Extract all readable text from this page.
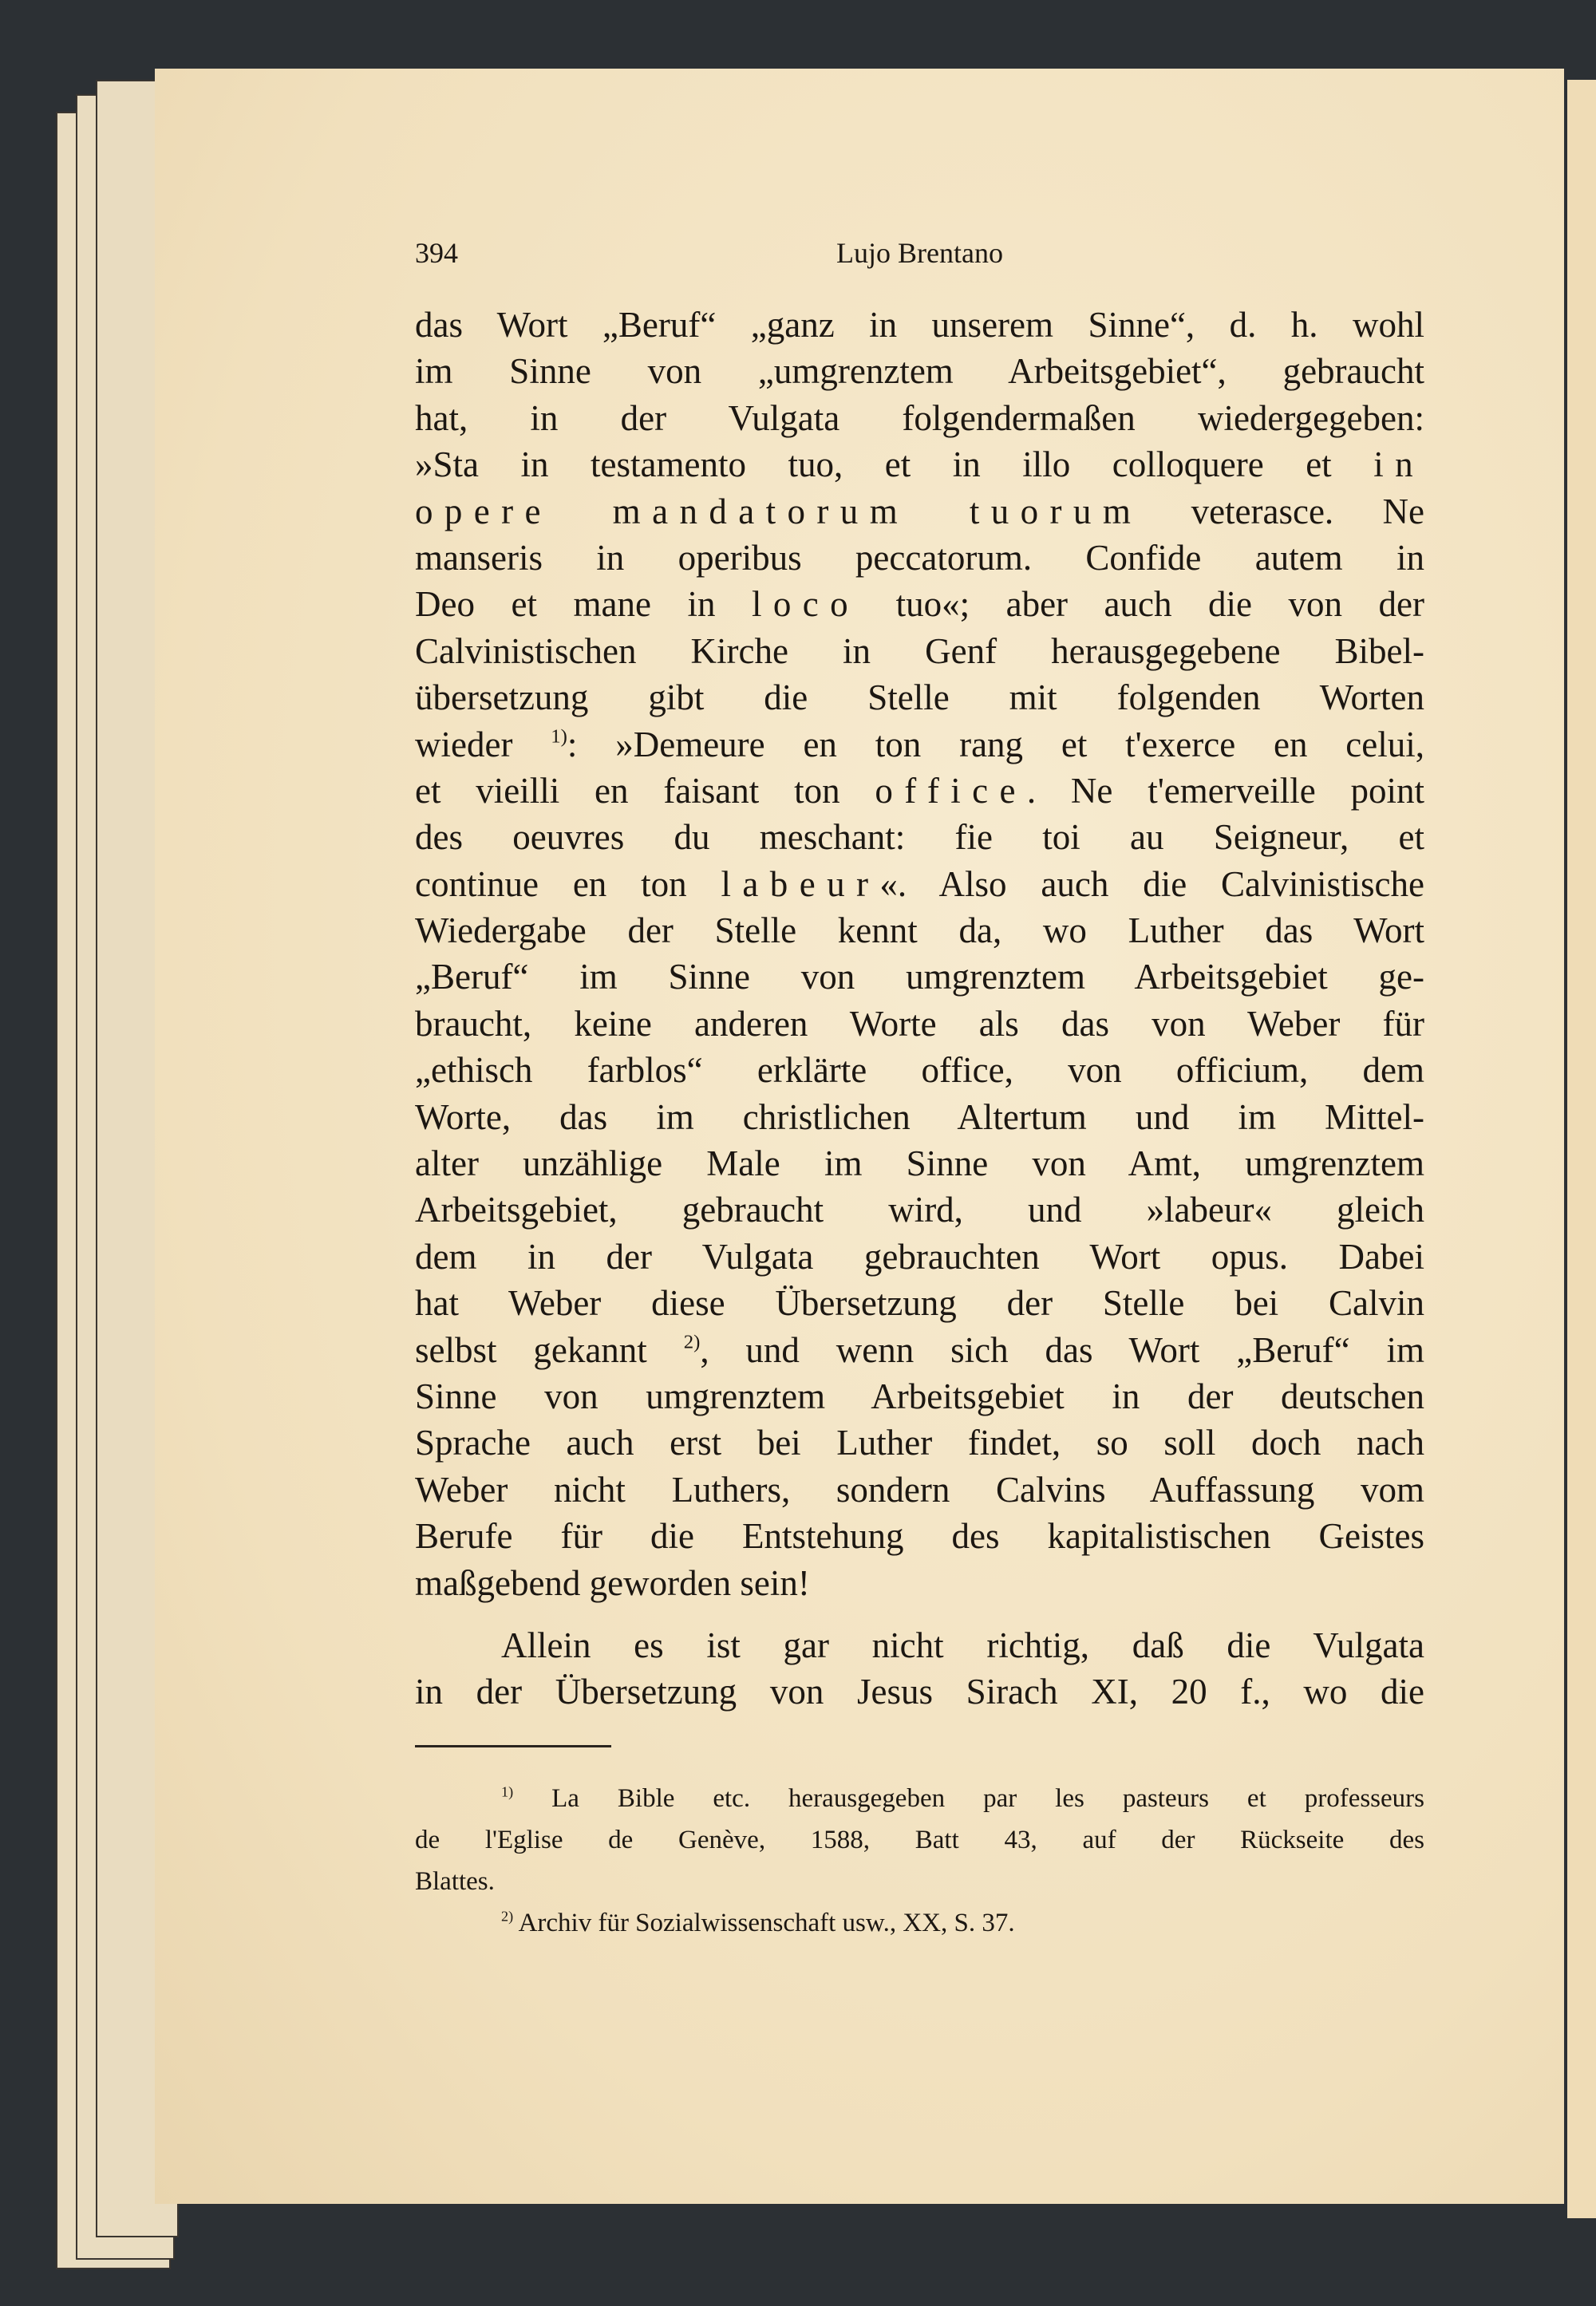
394	Lujo Brentano
das Wort „Beruf“ „ganz in unserem Sinne“, d. h. wohl
im Sinne von „umgrenztem Arbeitsgebiet“, gebraucht
hat, in der Vulgata folgendermaßen wiedergegeben:
»Sta in testamento tuo, et in illo colloquere et in
opere mandatorum tuorum veterasce. Ne
manseris in operibus peccatorum. Confide autem in
Deo et mane in loco tuo«; aber auch die von der
Calvinistischen Kirche in Genf herausgegebene Bibel-
übersetzung gibt die Stelle mit folgenden Worten
wieder $^{1)}$: »Demeure en ton rang et t'exerce en celui,
et vieilli en faisant ton office. Ne t'emerveille point
des oeuvres du meschant: fie toi au Seigneur, et
continue en ton labeur«. Also auch die Calvinistische
Wiedergabe der Stelle kennt da, wo Luther das Wort
„Beruf“ im Sinne von umgrenztem Arbeitsgebiet ge-
braucht, keine anderen Worte als das von Weber für
„ethisch farblos“ erklärte office, von officium, dem
Worte, das im christlichen Altertum und im Mittel-
alter unzählige Male im Sinne von Amt, umgrenztem
Arbeitsgebiet, gebraucht wird, und »labeur« gleich
dem in der Vulgata gebrauchten Wort opus. Dabei
hat Weber diese Übersetzung der Stelle bei Calvin
selbst gekannt $^{2)}$, und wenn sich das Wort „Beruf“ im
Sinne von umgrenztem Arbeitsgebiet in der deutschen
Sprache auch erst bei Luther findet, so soll doch nach
Weber nicht Luthers, sondern Calvins Auffassung vom
Berufe für die Entstehung des kapitalistischen Geistes
maßgebend geworden sein!
Allein es ist gar nicht richtig, daß die Vulgata
in der Übersetzung von Jesus Sirach XI, 20 f., wo die
$^{1)}$ La Bible etc. herausgegeben par les pasteurs et professeurs
de l'Eglise de Genève, 1588, Batt 43, auf der Rückseite des
Blattes.
$^{2)}$ Archiv für Sozialwissenschaft usw., XX, S. 37.
